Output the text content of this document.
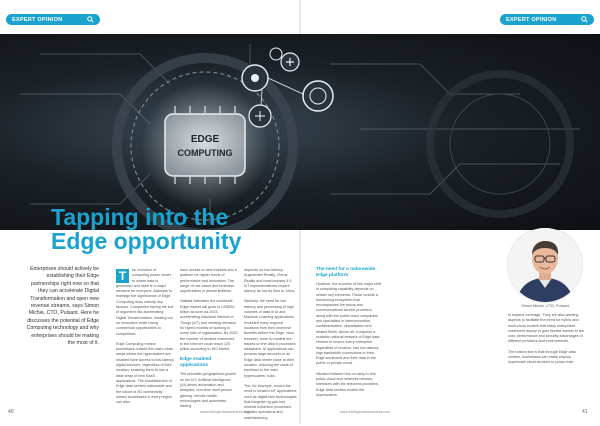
EXPERT OPINION	EXPERT OPINION
EDGE
COMPUTING
Tapping into the
Edge opportunity
Enterprises should actively be establishing their Edge partnerships right now so that they can accelerate Digital Transformation and open new revenue streams, says Simon Michie, CTO, Pulsant. Here he discusses the potential of Edge Computing technology and why enterprises should be making the most of it.

T	he evolution of computing power closer to where data is generated and used is a major advance for everyone. Attempts to redesign the significance of Edge Computing does nobody any favours. Companies having the line of argument risk accelerating Digital Transformation, missing out on innovation while losing commercial opportunities to competitors.

Edge Computing means businesses outside the main urban areas where the hyperscalers are situated have access to low-latency digital services, regardless of their location, enabling them to use a wide array of new SaaS applications. The establishment of Edge data centres nationwide and the rollout of 5G connectivity means businesses in every region can also

have access to new markets and a platform for higher levels of performance and innovation. The range of use cases and business opportunities is almost limitless.

Statista estimates the worldwide Edge market will grow to US$250 billion as soon as 2024, accelerating Industrial Internet of Things (IoT) and meeting demand for hybrid models of working in every size of organisation. By 2030 the number of devices connected to the Internet could reach 125 billion according to IHS Markit.

Edge enabled applications

The dramatic geographical growth on the IoT, Artificial Intelligence (AI)-driven automation and analytics, real-time multi-person gaming, remote health technologies and automated trading

depends on low-latency. Augmented Reality, Virtual Reality and most industry 4.0 IoT implementations require latency as low as 5ms to 10ms.

Similarly, the need for low latency and processing of high volumes of data in AI and Machine Learning applications excluded many regional locations from their immense benefits before the Edge. Now, however, more AI models are trained on the data it processes elsewhere. AI applications can process large amounts in an Edge data centre close to their location, reducing the costs of backhaul to the main hyperscalers’ hubs.

The, for example, covers the need to forward IoT applications such as digital twin technologies that integrate rig gas and mineral extraction processes, logistics operations and manufacturing

The need for a nationwide
Edge platform

However, the success of this major shift in computing capability depends on certain key elements. These include a functioning ecosystem that encompasses the telcos and communications service providers, along with the public cloud companies and specialists in interconnection, containerisation, virtualisation and related fields. Above all, it requires a scalable national network of Edge data centres to ensure every enterprise, regardless of location, has low latency, high bandwidth connections to their Edge workloads and their data in the public or private cloud.

Situated between the on-ramp to the public cloud and networks network interfaces with the telecoms providers, Edge data centres enable the hyperscalers

Simon Michie, CTO, Pulsant

to expand coverage. They are also working aspects to facilitate the trend for hybrid and multi-cloud models that many enterprises customers deploy to gain flexible access to the cost, performance and security advantages of different providers and environments.

The bottom line is that through Edge data centres, businesses can easily employ hyperscale cloud services to power their

40	www.intelligentdatacentres.com	www.intelligentdatacentres.com	41
